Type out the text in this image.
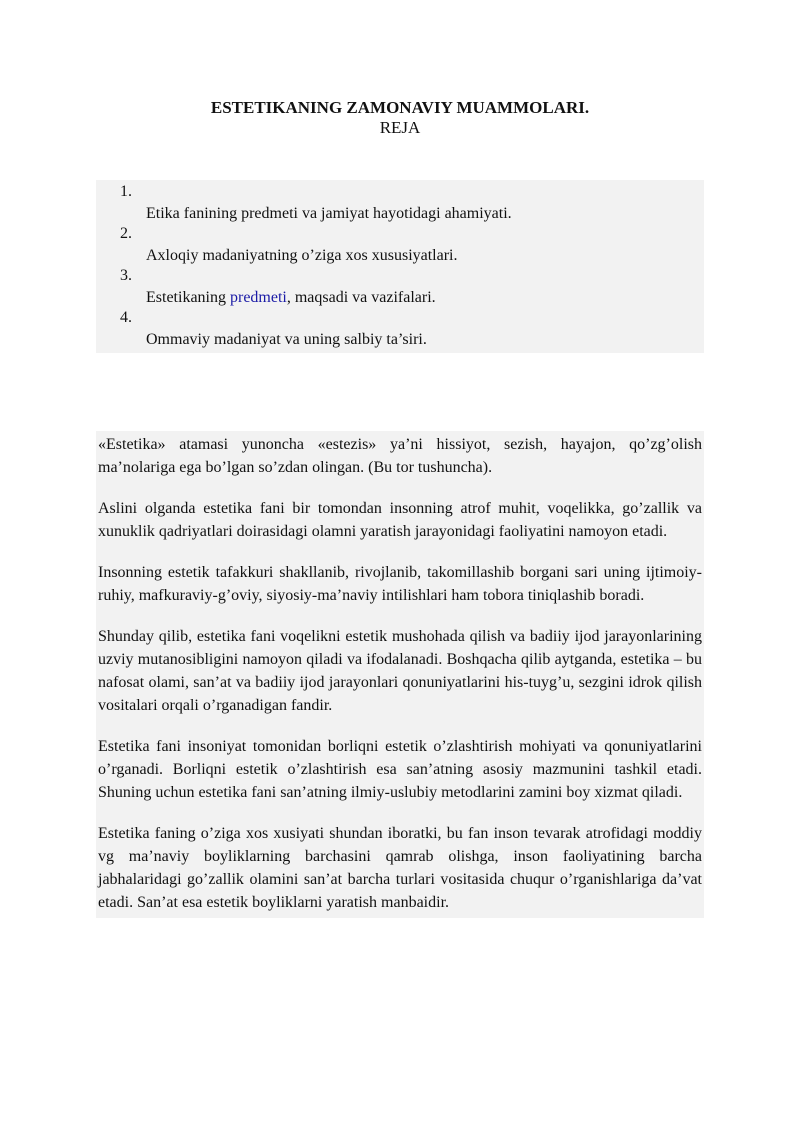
ESTETIKANING ZAMONAVIY MUAMMOLARI.
REJA
1.
Etika fanining predmeti va jamiyat hayotidagi ahamiyati.
2.
Axloqiy madaniyatning o’ziga xos xususiyatlari.
3.
Estetikaning predmeti, maqsadi va vazifalari.
4.
Ommaviy madaniyat va uning salbiy ta’siri.

«Estetika» atamasi yunoncha «estezis» ya’ni hissiyot, sezish, hayajon, qo’zg’olish ma’nolariga ega bo’lgan so’zdan olingan. (Bu tor tushuncha).

Aslini olganda estetika fani bir tomondan insonning atrof muhit, voqelikka, go’zallik va xunuklik qadriyatlari doirasidagi olamni yaratish jarayonidagi faoliyatini namoyon etadi.

Insonning estetik tafakkuri shakllanib, rivojlanib, takomillashib borgani sari uning ijtimoiy-ruhiy, mafkuraviy-g’oviy, siyosiy-ma’naviy intilishlari ham tobora tiniqlashib boradi.

Shunday qilib, estetika fani voqelikni estetik mushohada qilish va badiiy ijod jarayonlarining uzviy mutanosibligini namoyon qiladi va ifodalanadi. Boshqacha qilib aytganda, estetika – bu nafosat olami, san’at va badiiy ijod jarayonlari qonuniyatlarini his-tuyg’u, sezgini idrok qilish vositalari orqali o’rganadigan fandir.

Estetika fani insoniyat tomonidan borliqni estetik o’zlashtirish mohiyati va qonuniyatlarini o’rganadi. Borliqni estetik o’zlashtirish esa san’atning asosiy mazmunini tashkil etadi. Shuning uchun estetika fani san’atning ilmiy-uslubiy metodlarini zamini boy xizmat qiladi.

Estetika faning o’ziga xos xusiyati shundan iboratki, bu fan inson tevarak atrofidagi moddiy vg ma’naviy boyliklarning barchasini qamrab olishga, inson faoliyatining barcha jabhalaridagi go’zallik olamini san’at barcha turlari vositasida chuqur o’rganishlariga da’vat etadi. San’at esa estetik boyliklarni yaratish manbaidir.
